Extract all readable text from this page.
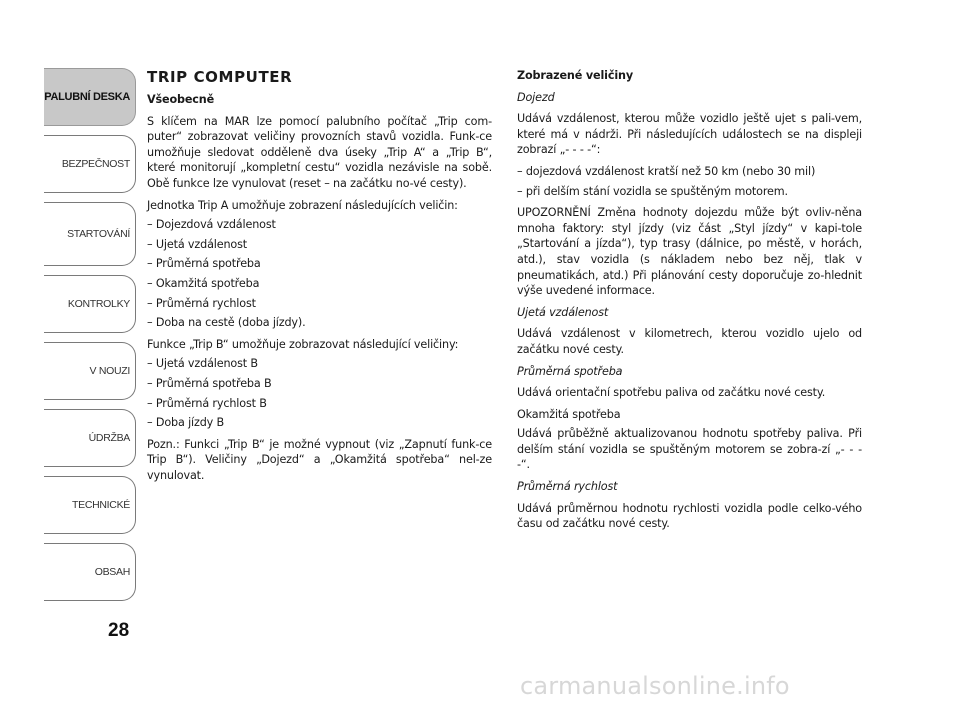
PALUBNÍ DESKA
BEZPEČNOST
STARTOVÁNÍ
KONTROLKY
V NOUZI
ÚDRŽBA
TECHNICKÉ
OBSAH
28
TRIP COMPUTER

Všeobecně

S klíčem na MAR lze pomocí palubního počítač „Trip com-puter“ zobrazovat veličiny provozních stavů vozidla. Funk-ce umožňuje sledovat odděleně dva úseky „Trip A“ a „Trip B“, které monitorují „kompletní cestu“ vozidla nezávisle na sobě. Obě funkce lze vynulovat (reset – na začátku no-vé cesty).

Jednotka Trip A umožňuje zobrazení následujících veličin:

– Dojezdová vzdálenost

– Ujetá vzdálenost

– Průměrná spotřeba

– Okamžitá spotřeba

– Průměrná rychlost

– Doba na cestě (doba jízdy).

Funkce „Trip B“ umožňuje zobrazovat následující veličiny:

– Ujetá vzdálenost B

– Průměrná spotřeba B

– Průměrná rychlost B

– Doba jízdy B

Pozn.: Funkci „Trip B“ je možné vypnout (viz „Zapnutí funk-ce Trip B“). Veličiny „Dojezd“ a „Okamžitá spotřeba“ nel-ze vynulovat.

Zobrazené veličiny

Dojezd

Udává vzdálenost, kterou může vozidlo ještě ujet s pali-vem, které má v nádrži. Při následujících událostech se na displeji zobrazí „- - - -“:

– dojezdová vzdálenost kratší než 50 km (nebo 30 mil)

– při delším stání vozidla se spuštěným motorem.

UPOZORNĚNÍ Změna hodnoty dojezdu může být ovliv-něna mnoha faktory: styl jízdy (viz část „Styl jízdy“ v kapi-tole „Startování a jízda“), typ trasy (dálnice, po městě, v horách, atd.), stav vozidla (s nákladem nebo bez něj, tlak v pneumatikách, atd.) Při plánování cesty doporučuje zo-hlednit výše uvedené informace.

Ujetá vzdálenost

Udává vzdálenost v kilometrech, kterou vozidlo ujelo od začátku nové cesty.

Průměrná spotřeba

Udává orientační spotřebu paliva od začátku nové cesty.

Okamžitá spotřeba

Udává průběžně aktualizovanou hodnotu spotřeby paliva. Při delším stání vozidla se spuštěným motorem se zobra-zí „- - - -“.

Průměrná rychlost

Udává průměrnou hodnotu rychlosti vozidla podle celko-vého času od začátku nové cesty.

carmanualsonline.info
